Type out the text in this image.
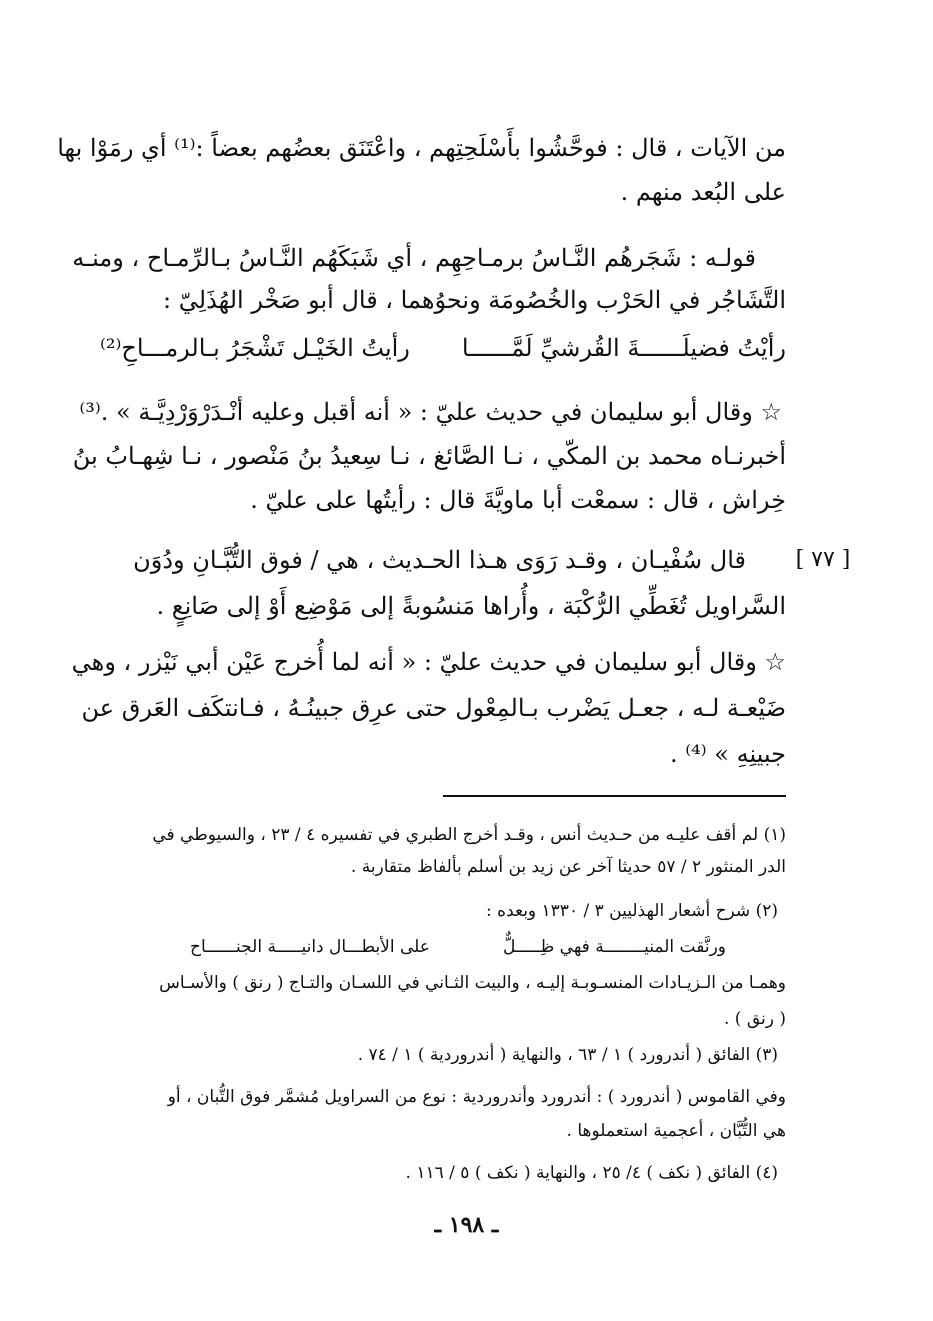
من الآيات ، قال : فوحَّشُوا بأَسْلَحِتِهم ، واعْتَنَق بعضُهم بعضاً :⁽¹⁾ أي رمَوْا بها
على البُعد منهم .
قولـه : شَجَرهُم النَّـاسُ برمـاحِهِم ، أي شَبَكَهُم النَّـاسُ بـالرِّمـاح ، ومنـه
التَّشَاجُر في الحَرْب والخُصُومَة ونحوُهما ، قال أبو صَخْر الهُذَلِيّ :
رأيْتُ فضيلَــــــةَ القُرشيِّ لَمَّــــــا
رأيتُ الخَيْـل تَشْجَرُ بـالرمـــاحِ⁽²⁾
☆ وقال أبو سليمان في حديث عليّ : « أنه أقبل وعليه أنْـدَرْوَرْدِيَّـة » .⁽³⁾
أخبرنـاه محمد بن المكّي ، نـا الصَّائغ ، نـا سِعيدُ بنُ مَنْصور ، نـا شِهـابُ بنُ
خِراش ، قال : سمعْت أبا ماويَّةَ قال : رأيتُها على عليّ .
[ ٧٧ ]
قال سُفْيـان ، وقـد رَوَى هـذا الحـديث ، هي / فوق التُّبَّـانِ ودُوَن
السَّراويل تُغَطِّي الرُّكْبَة ، وأُراها مَنسُوبةً إلى مَوْضِع أَوْ إلى صَانِعٍ .
☆ وقال أبو سليمان في حديث عليّ : « أنه لما أُخرج عَيْن أبي نَيْزر ، وهي
ضَيْعـة لـه ، جعـل يَضْرب بـالمِعْول حتى عرِق جبينُـهُ ، فـانتكَف العَرق عن
جبينِهِ » ⁽⁴⁾ .
(١) لم أقف عليـه من حـديث أنس ، وقـد أخرج الطبري في تفسيره ٤ / ٢٣ ، والسيوطي في
الدر المنثور ٢ / ٥٧ حديثا آخر عن زيد بن أسلم بألفاظ متقاربة .
(٢) شرح أشعار الهذليين ٣ / ١٣٣٠ وبعده :
ورنَّقت المنيــــــــة فهي ظِـــــلٌّ
على الأبطـــال دانيـــــة الجنــــــاح
وهمـا من الـزيـادات المنسـوبـة إليـه ، والبيت الثـاني في اللسـان والتـاج ( رنق ) والأسـاس
( رنق ) .
(٣) الفائق ( أندرورد ) ١ / ٦٣ ، والنهاية ( أندروردية ) ١ / ٧٤ .
وفي القاموس ( أندرورد ) : أندرورد وأندروردية : نوع من السراويل مُشمَّر فوق التُّبان ، أو
هي التُّبَّان ، أعجمية استعملوها .
(٤) الفائق ( نكف ) ٤/ ٢٥ ، والنهاية ( نكف ) ٥ / ١١٦ .
ـ ١٩٨ ـ
